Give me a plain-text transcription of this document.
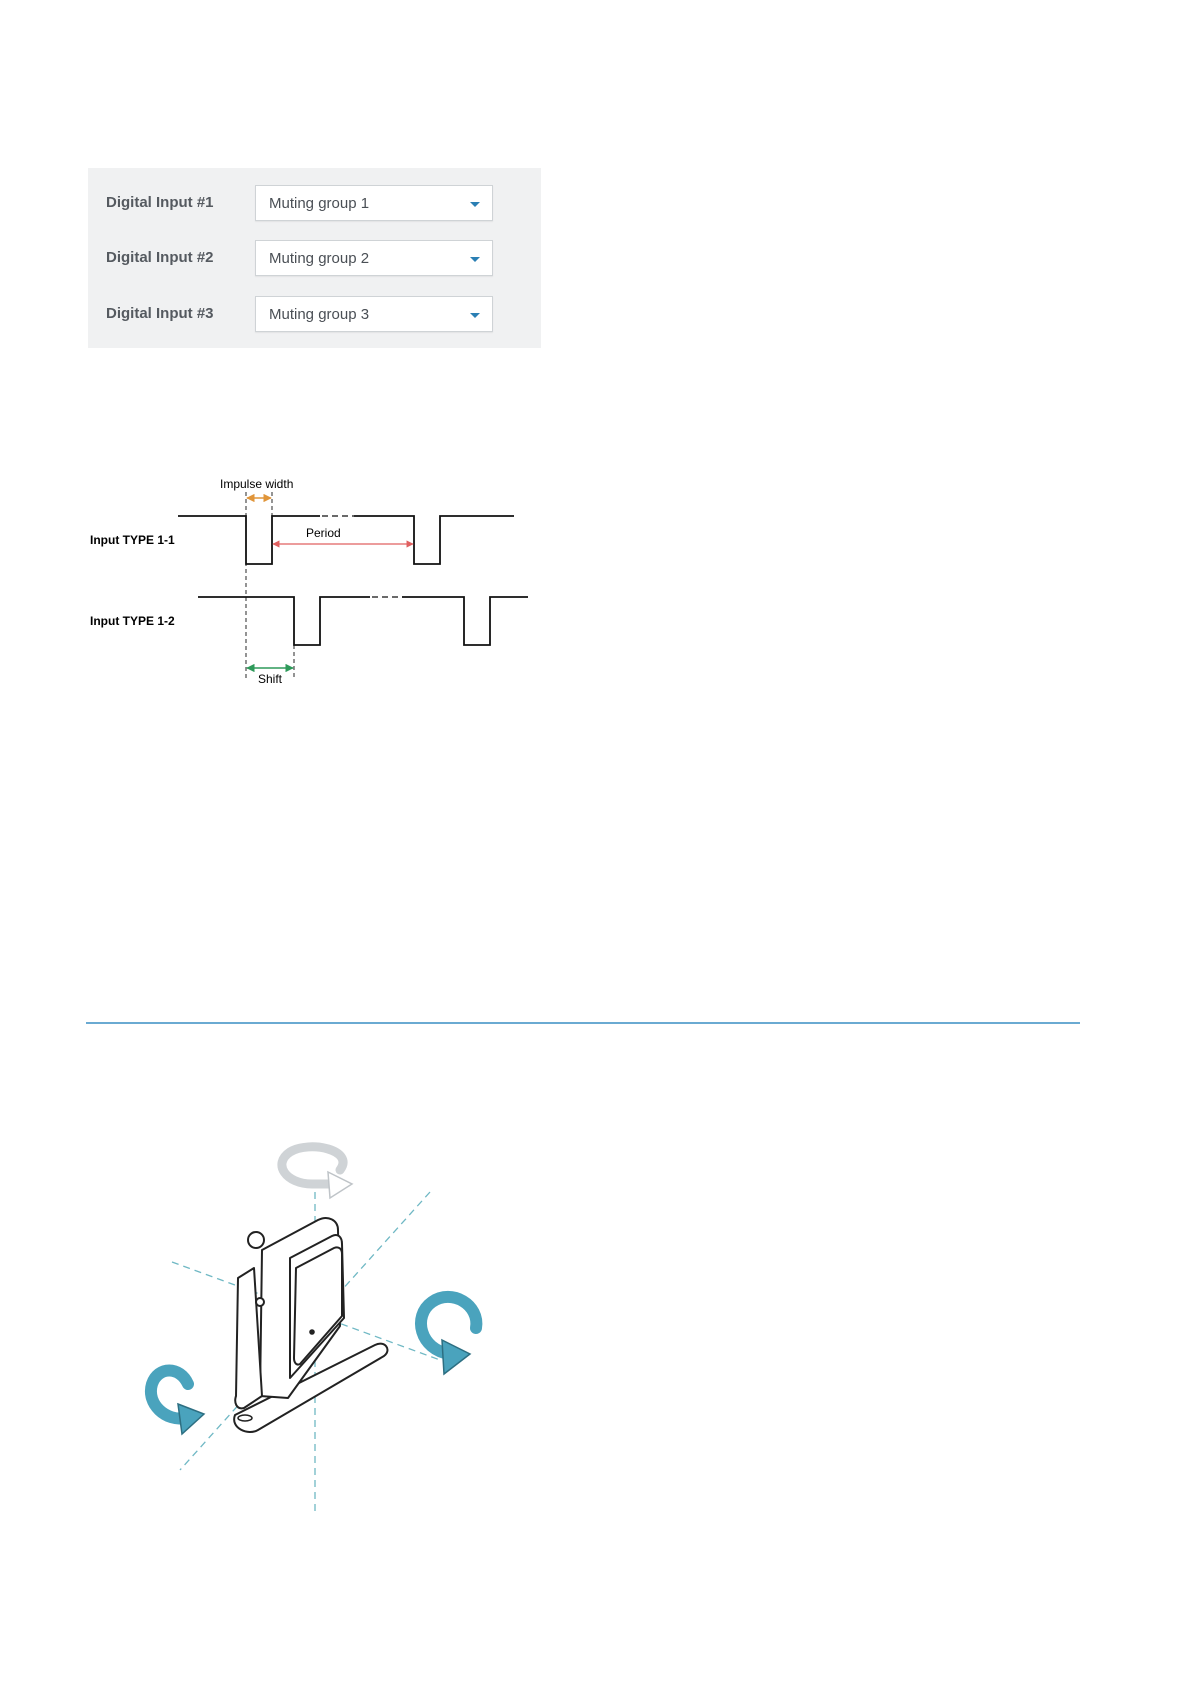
Digital Input #1	Muting group 1
Digital Input #2	Muting group 2
Digital Input #3	Muting group 3
Impulse width
Period
Input TYPE 1-1
Input TYPE 1-2
Shift
